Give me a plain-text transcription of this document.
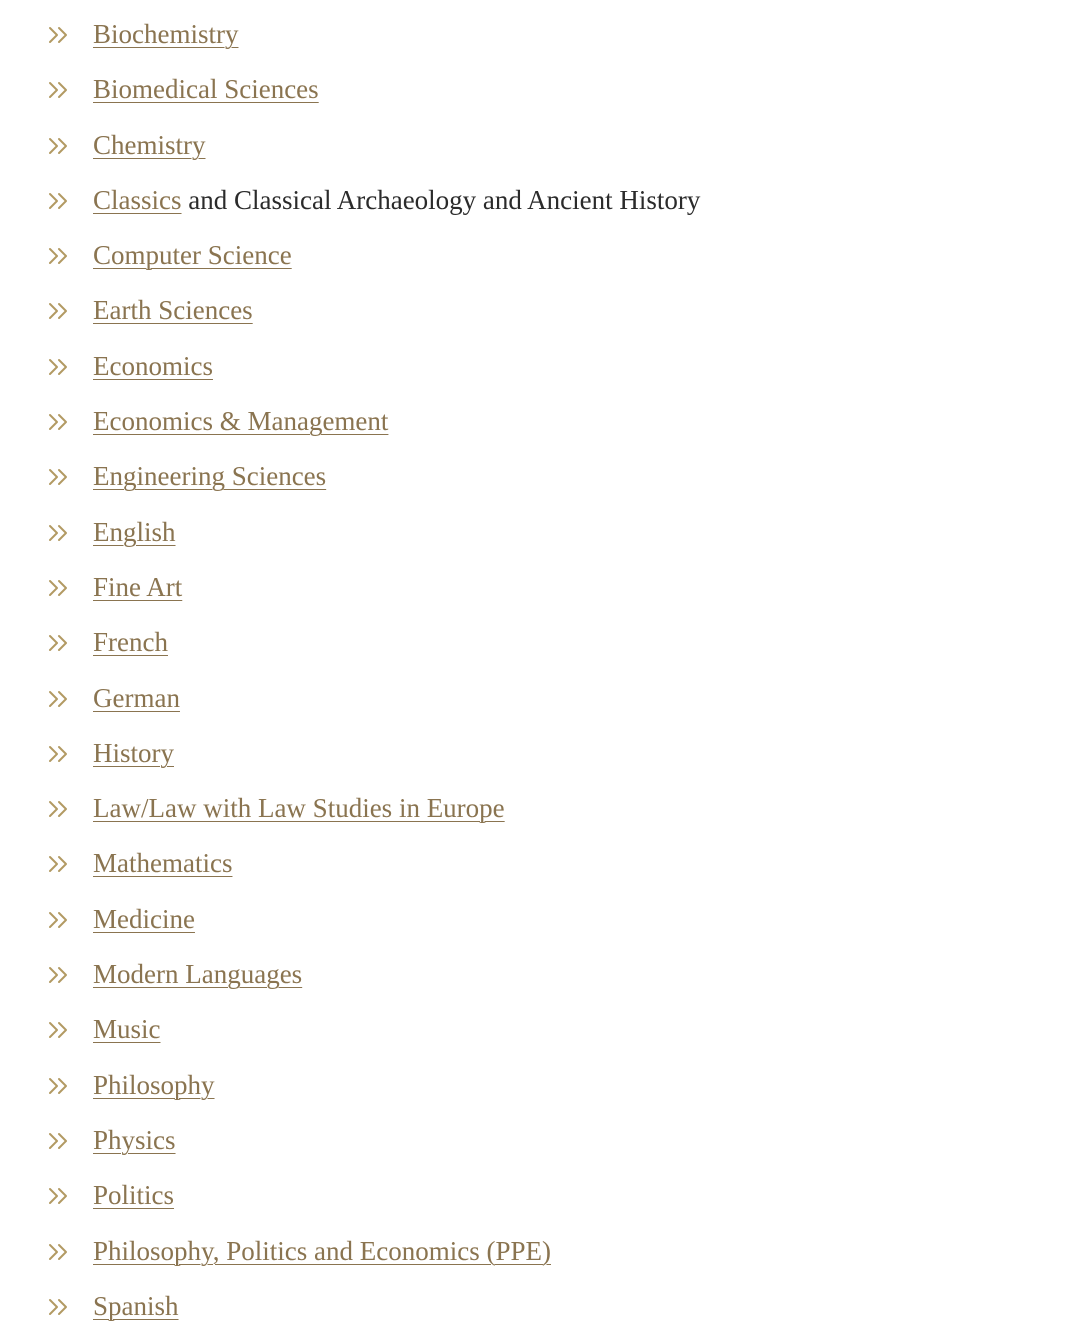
Biochemistry
Biomedical Sciences
Chemistry
Classics and Classical Archaeology and Ancient History
Computer Science
Earth Sciences
Economics
Economics & Management
Engineering Sciences
English
Fine Art
French
German
History
Law/Law with Law Studies in Europe
Mathematics
Medicine
Modern Languages
Music
Philosophy
Physics
Politics
Philosophy, Politics and Economics (PPE)
Spanish
